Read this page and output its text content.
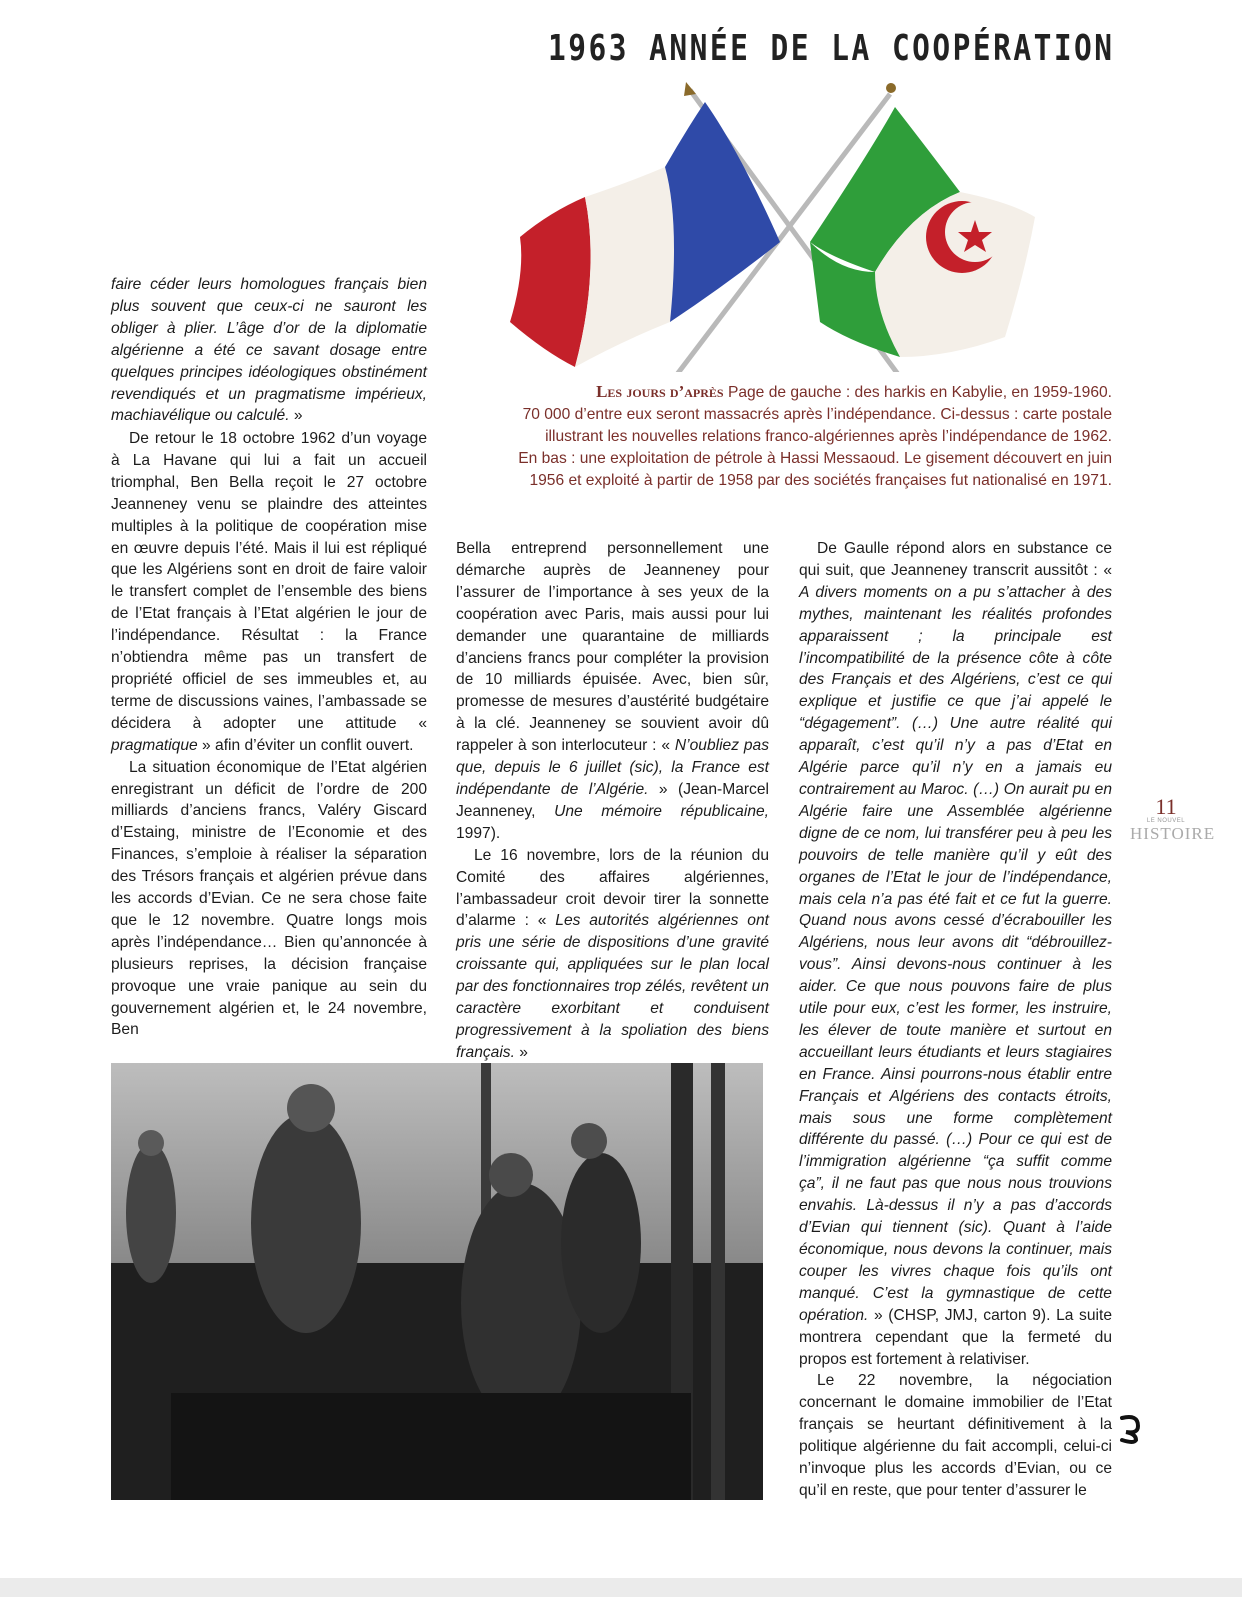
1963 ANNÉE DE LA COOPÉRATION
Les jours d’après Page de gauche : des harkis en Kabylie, en 1959-1960.
70 000 d’entre eux seront massacrés après l’indépendance. Ci-dessus : carte postale
illustrant les nouvelles relations franco-algériennes après l’indépendance de 1962.
En bas : une exploitation de pétrole à Hassi Messaoud. Le gisement découvert en juin
1956 et exploité à partir de 1958 par des sociétés françaises fut nationalisé en 1971.

faire céder leurs homologues français bien plus souvent que ceux-ci ne sauront les obliger à plier. L’âge d’or de la diplomatie algérienne a été ce savant dosage entre quelques principes idéologiques obstinément revendiqués et un pragmatisme impérieux, machiavélique ou calculé. »

De retour le 18 octobre 1962 d’un voyage à La Havane qui lui a fait un accueil triomphal, Ben Bella reçoit le 27 octobre Jeanneney venu se plaindre des atteintes multiples à la politique de coopération mise en œuvre depuis l’été. Mais il lui est répliqué que les Algériens sont en droit de faire valoir le transfert complet de l’ensemble des biens de l’Etat français à l’Etat algérien le jour de l’indépendance. Résultat : la France n’obtiendra même pas un transfert de propriété officiel de ses immeubles et, au terme de discussions vaines, l’ambassade se décidera à adopter une attitude « pragmatique » afin d’éviter un conflit ouvert.

La situation économique de l’Etat algérien enregistrant un déficit de l’ordre de 200 milliards d’anciens francs, Valéry Giscard d’Estaing, ministre de l’Economie et des Finances, s’emploie à réaliser la séparation des Trésors français et algérien prévue dans les accords d’Evian. Ce ne sera chose faite que le 12 novembre. Quatre longs mois après l’indépendance… Bien qu’annoncée à plusieurs reprises, la décision française provoque une vraie panique au sein du gouvernement algérien et, le 24 novembre, Ben

Bella entreprend personnellement une démarche auprès de Jeanneney pour l’assurer de l’importance à ses yeux de la coopération avec Paris, mais aussi pour lui demander une quarantaine de milliards d’anciens francs pour compléter la provision de 10 milliards épuisée. Avec, bien sûr, promesse de mesures d’austérité budgétaire à la clé. Jeanneney se souvient avoir dû rappeler à son interlocuteur : « N’oubliez pas que, depuis le 6 juillet (sic), la France est indépendante de l’Algérie. » (Jean-Marcel Jeanneney, Une mémoire républicaine, 1997).

Le 16 novembre, lors de la réunion du Comité des affaires algériennes, l’ambassadeur croit devoir tirer la sonnette d’alarme : « Les autorités algériennes ont pris une série de dispositions d’une gravité croissante qui, appliquées sur le plan local par des fonctionnaires trop zélés, revêtent un caractère exorbitant et conduisent progressivement à la spoliation des biens français. »

De Gaulle répond alors en substance ce qui suit, que Jeanneney transcrit aussitôt : « A divers moments on a pu s’attacher à des mythes, maintenant les réalités profondes apparaissent ; la principale est l’incompatibilité de la présence côte à côte des Français et des Algériens, c’est ce qui explique et justifie ce que j’ai appelé le “dégagement”. (…) Une autre réalité qui apparaît, c’est qu’il n’y a pas d’Etat en Algérie parce qu’il n’y en a jamais eu contrairement au Maroc. (…) On aurait pu en Algérie faire une Assemblée algérienne digne de ce nom, lui transférer peu à peu les pouvoirs de telle manière qu’il y eût des organes de l’Etat le jour de l’indépendance, mais cela n’a pas été fait et ce fut la guerre. Quand nous avons cessé d’écrabouiller les Algériens, nous leur avons dit “débrouillez-vous”. Ainsi devons-nous continuer à les aider. Ce que nous pouvons faire de plus utile pour eux, c’est les former, les instruire, les élever de toute manière et surtout en accueillant leurs étudiants et leurs stagiaires en France. Ainsi pourrons-nous établir entre Français et Algériens des contacts étroits, mais sous une forme complètement différente du passé. (…) Pour ce qui est de l’immigration algérienne “ça suffit comme ça”, il ne faut pas que nous nous trouvions envahis. Là-dessus il n’y a pas d’accords d’Evian qui tiennent (sic). Quant à l’aide économique, nous devons la continuer, mais couper les vivres chaque fois qu’ils ont manqué. C’est la gymnastique de cette opération. » (CHSP, JMJ, carton 9). La suite montrera cependant que la fermeté du propos est fortement à relativiser.

Le 22 novembre, la négociation concernant le domaine immobilier de l’Etat français se heurtant définitivement à la politique algérienne du fait accompli, celui-ci n’invoque plus les accords d’Evian, ou ce qu’il en reste, que pour tenter d’assurer le

11
LE NOUVEL
HISTOIRE
